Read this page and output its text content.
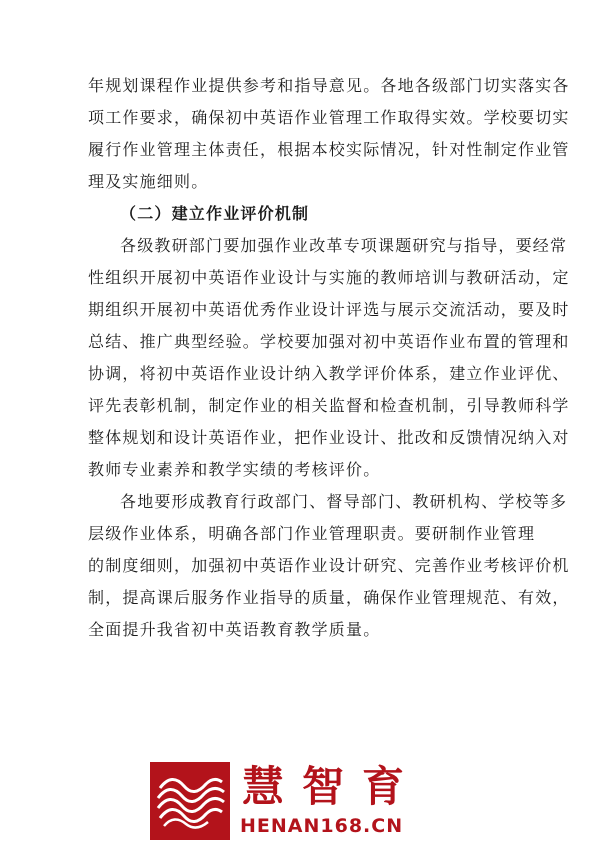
年规划课程作业提供参考和指导意见。各地各级部门切实落实各
项工作要求，确保初中英语作业管理工作取得实效。学校要切实
履行作业管理主体责任，根据本校实际情况，针对性制定作业管
理及实施细则。
（二）建立作业评价机制
各级教研部门要加强作业改革专项课题研究与指导，要经常
性组织开展初中英语作业设计与实施的教师培训与教研活动，定
期组织开展初中英语优秀作业设计评选与展示交流活动，要及时
总结、推广典型经验。学校要加强对初中英语作业布置的管理和
协调，将初中英语作业设计纳入教学评价体系，建立作业评优、
评先表彰机制，制定作业的相关监督和检查机制，引导教师科学
整体规划和设计英语作业，把作业设计、批改和反馈情况纳入对
教师专业素养和教学实绩的考核评价。
各地要形成教育行政部门、督导部门、教研机构、学校等多
层级作业体系，明确各部门作业管理职责。要研制作业管理
的制度细则，加强初中英语作业设计研究、完善作业考核评价机
制，提高课后服务作业指导的质量，确保作业管理规范、有效，
全面提升我省初中英语教育教学质量。
慧智育
HENAN168.CN
